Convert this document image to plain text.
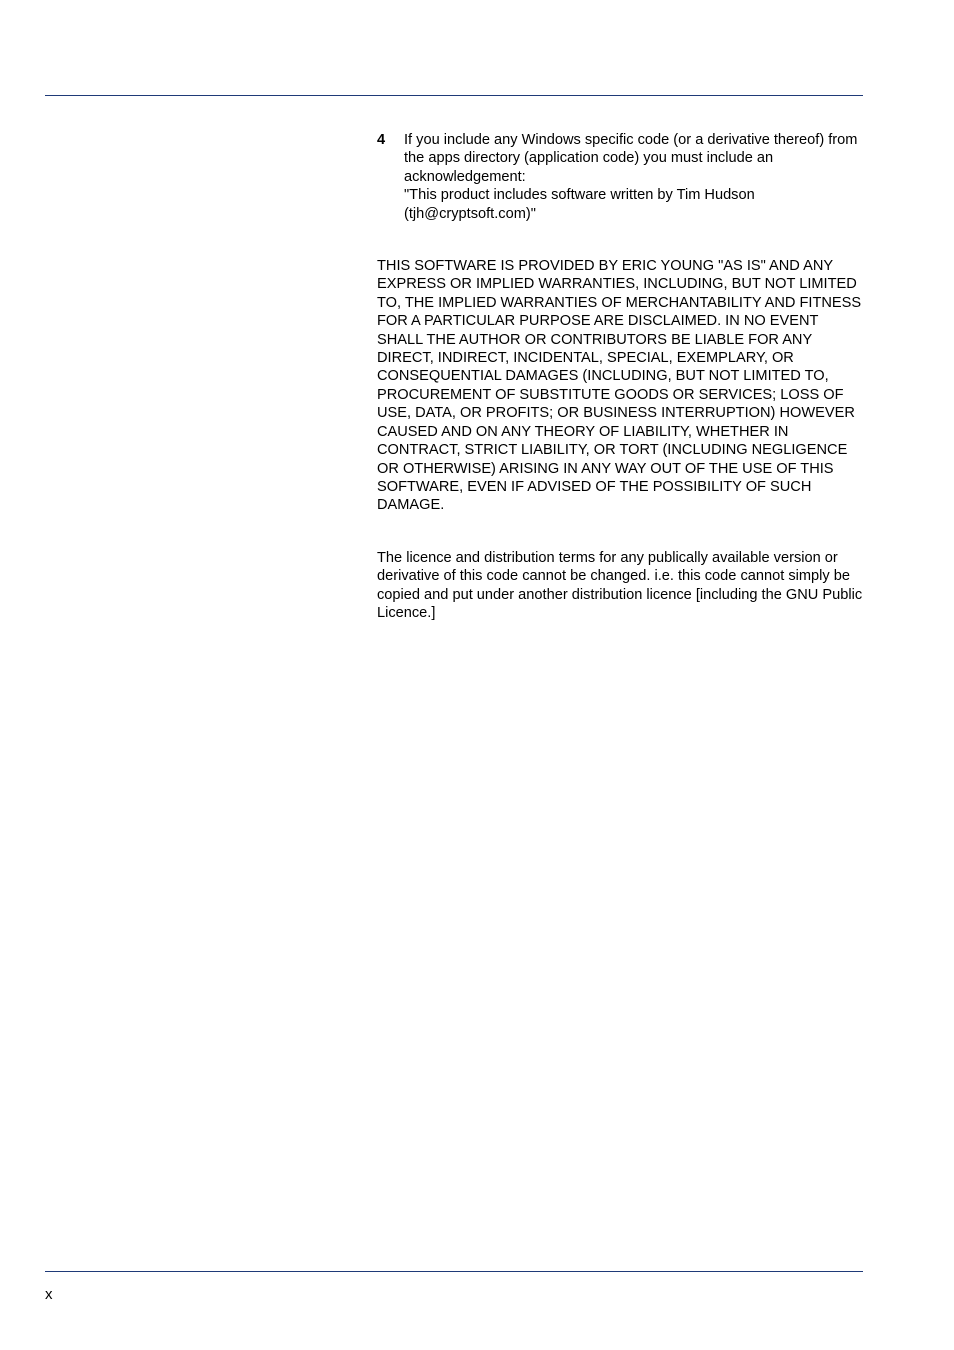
4	If you include any Windows specific code (or a derivative thereof) from the apps directory (application code) you must include an acknowledgement:
"This product includes software written by Tim Hudson (tjh@cryptsoft.com)"

THIS SOFTWARE IS PROVIDED BY ERIC YOUNG "AS IS" AND ANY EXPRESS OR IMPLIED WARRANTIES, INCLUDING, BUT NOT LIMITED TO, THE IMPLIED WARRANTIES OF MERCHANTABILITY AND FITNESS FOR A PARTICULAR PURPOSE ARE DISCLAIMED. IN NO EVENT SHALL THE AUTHOR OR CONTRIBUTORS BE LIABLE FOR ANY DIRECT, INDIRECT, INCIDENTAL, SPECIAL, EXEMPLARY, OR CONSEQUENTIAL DAMAGES (INCLUDING, BUT NOT LIMITED TO, PROCUREMENT OF SUBSTITUTE GOODS OR SERVICES; LOSS OF USE, DATA, OR PROFITS; OR BUSINESS INTERRUPTION) HOWEVER CAUSED AND ON ANY THEORY OF LIABILITY, WHETHER IN CONTRACT, STRICT LIABILITY, OR TORT (INCLUDING NEGLIGENCE OR OTHERWISE) ARISING IN ANY WAY OUT OF THE USE OF THIS SOFTWARE, EVEN IF ADVISED OF THE POSSIBILITY OF SUCH DAMAGE.

The licence and distribution terms for any publically available version or derivative of this code cannot be changed. i.e. this code cannot simply be copied and put under another distribution licence [including the GNU Public Licence.]

x
